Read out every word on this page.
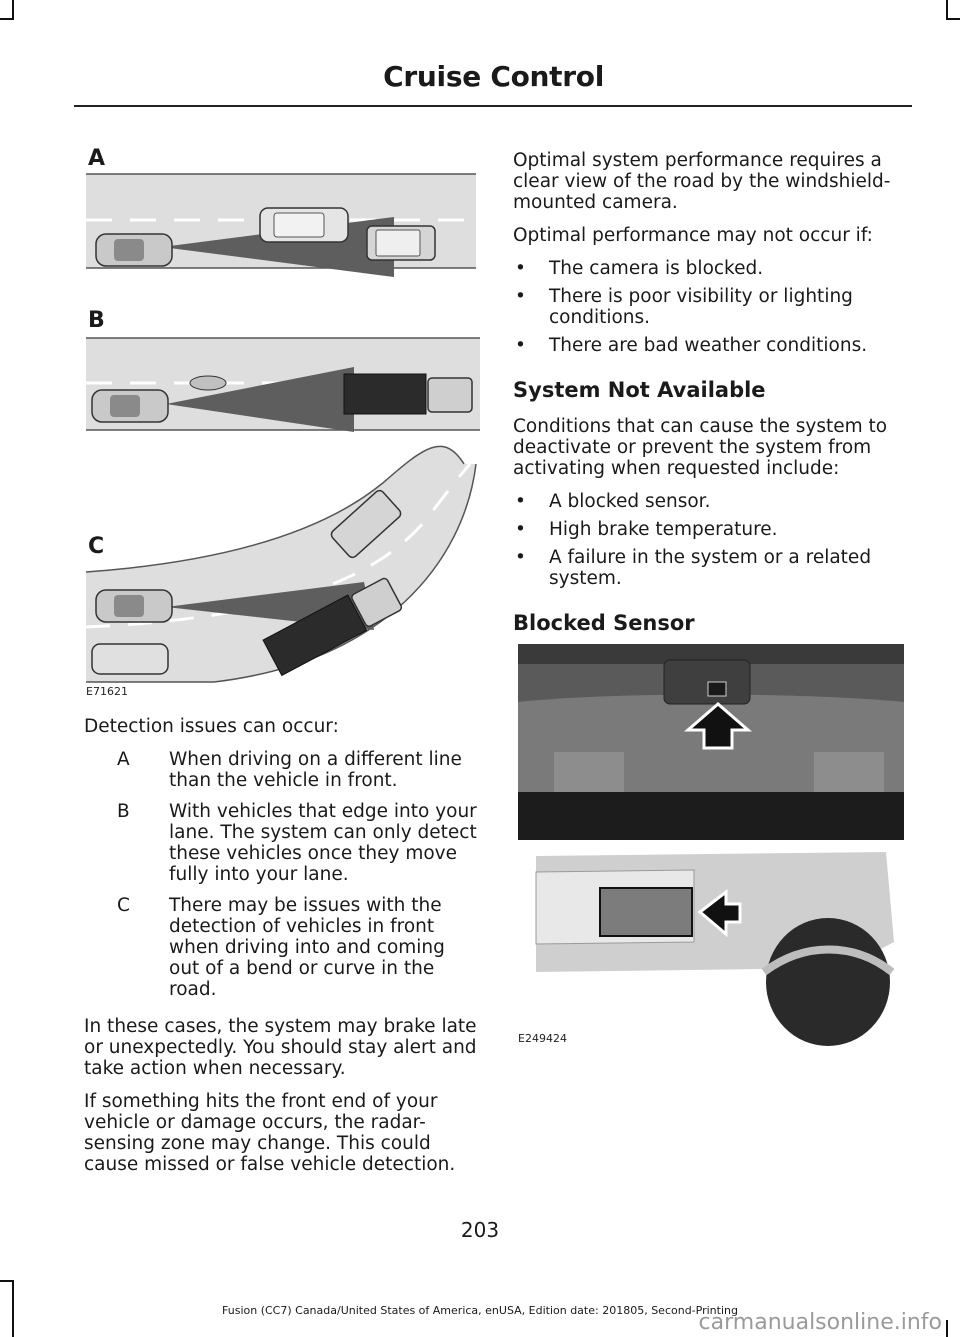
Cruise Control
A
B
C
E71621

Detection issues can occur:

A	When driving on a different line than the vehicle in front.
B	With vehicles that edge into your lane. The system can only detect these vehicles once they move fully into your lane.
C	There may be issues with the detection of vehicles in front when driving into and coming out of a bend or curve in the road.

In these cases, the system may brake late or unexpectedly. You should stay alert and take action when necessary.

If something hits the front end of your vehicle or damage occurs, the radar-sensing zone may change. This could cause missed or false vehicle detection.

Optimal system performance requires a clear view of the road by the windshield-mounted camera.

Optimal performance may not occur if:

•	The camera is blocked.
•	There is poor visibility or lighting conditions.
•	There are bad weather conditions.
System Not Available

Conditions that can cause the system to deactivate or prevent the system from activating when requested include:

•	A blocked sensor.
•	High brake temperature.
•	A failure in the system or a related system.
Blocked Sensor
E249424
203
Fusion (CC7) Canada/United States of America, enUSA, Edition date: 201805, Second-Printing
carmanualsonline.info
